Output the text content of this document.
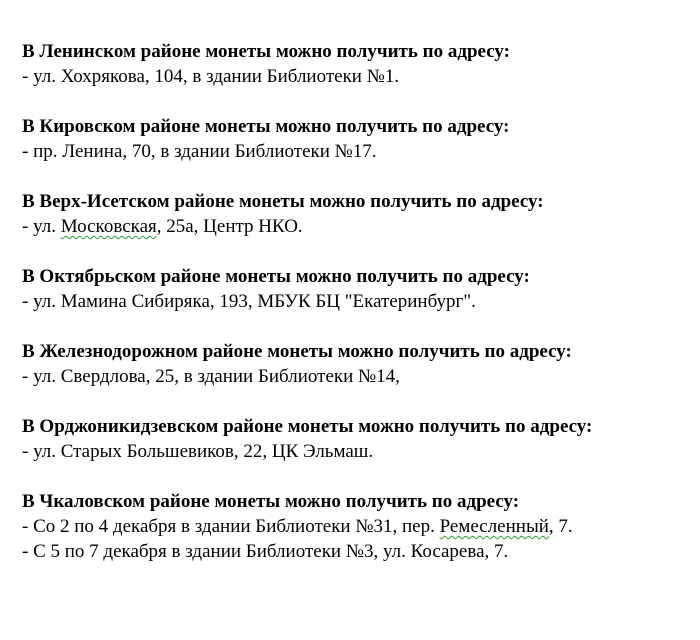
В Ленинском районе монеты можно получить по адресу:
- ул. Хохрякова, 104, в здании Библиотеки №1.
В Кировском районе монеты можно получить по адресу:
- пр. Ленина, 70, в здании Библиотеки №17.
В Верх-Исетском районе монеты можно получить по адресу:
- ул. Московская, 25а, Центр НКО.
В Октябрьском районе монеты можно получить по адресу:
- ул. Мамина Сибиряка, 193, МБУК БЦ "Екатеринбург".
В Железнодорожном районе монеты можно получить по адресу:
- ул. Свердлова, 25, в здании Библиотеки №14,
В Орджоникидзевском районе монеты можно получить по адресу:
- ул. Старых Большевиков, 22, ЦК Эльмаш.
В Чкаловском районе монеты можно получить по адресу:
- Со 2 по 4 декабря в здании Библиотеки №31, пер. Ремесленный, 7.
- С 5 по 7 декабря в здании Библиотеки №3, ул. Косарева, 7.
